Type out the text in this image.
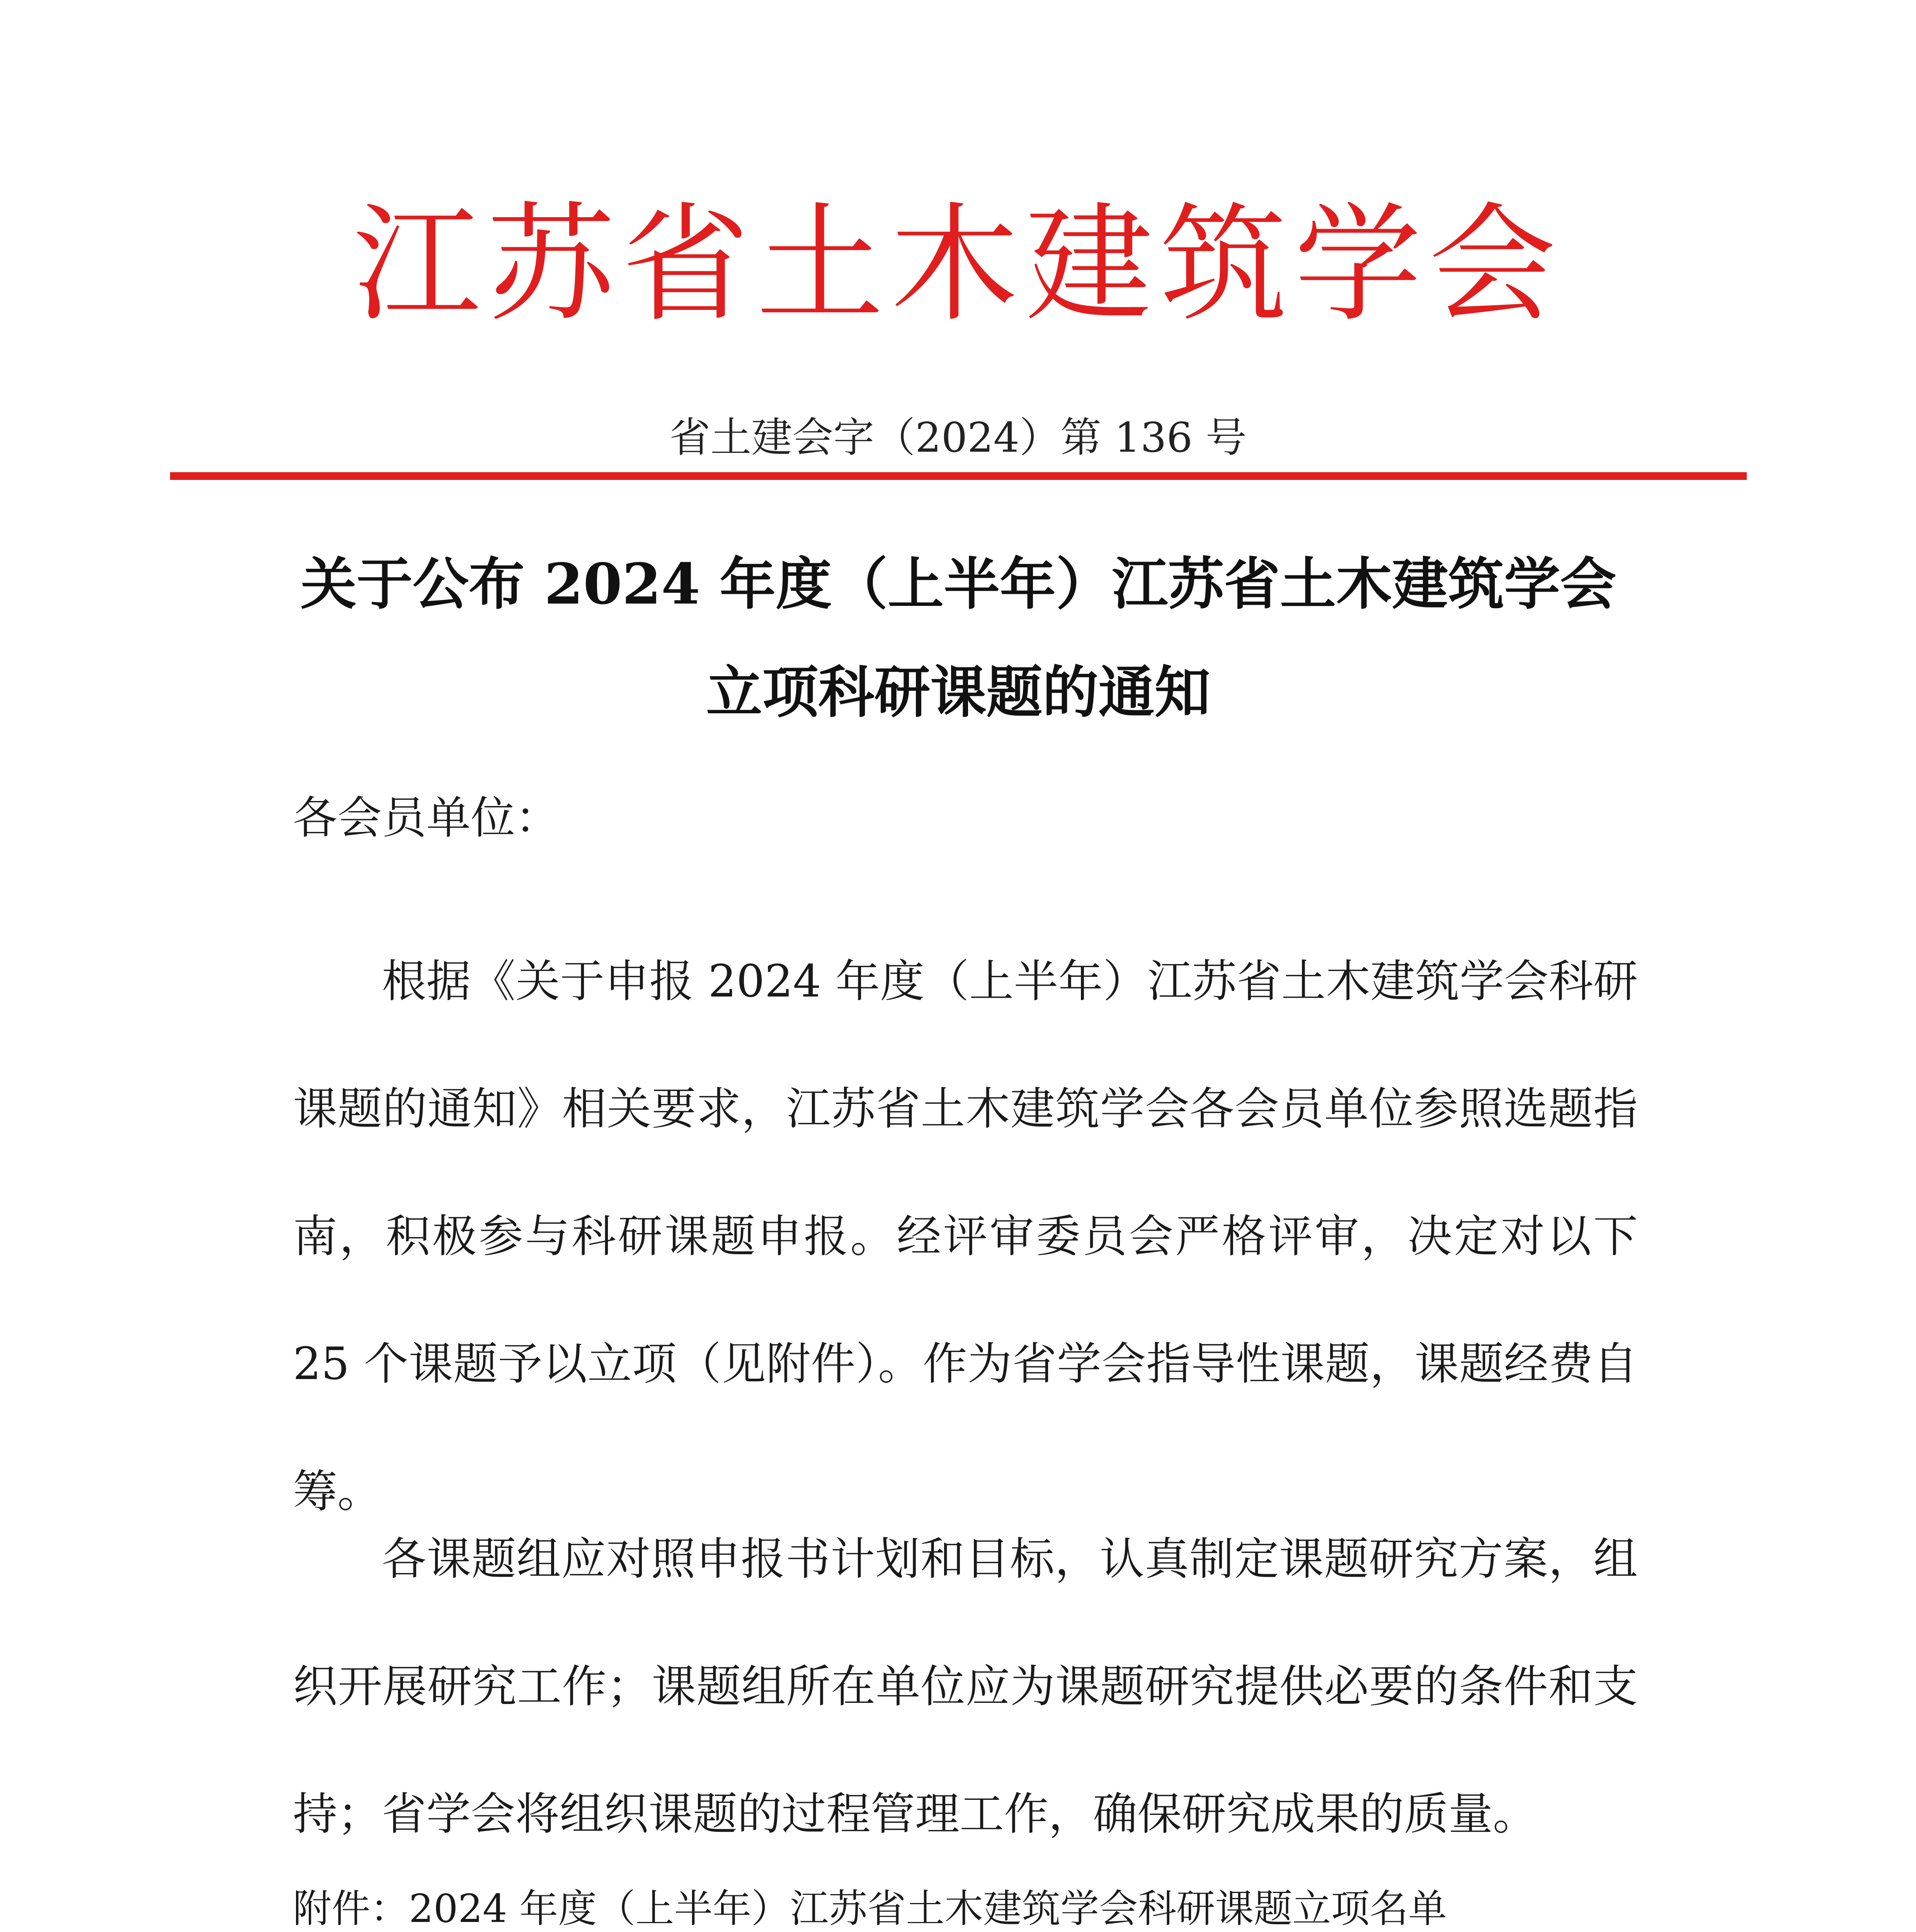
江苏省土木建筑学会
省土建会字（2024）第 136 号
关于公布 2024 年度（上半年）江苏省土木建筑学会
立项科研课题的通知
各会员单位：

根据《关于申报 2024 年度（上半年）江苏省土木建筑学会科研课题的通知》相关要求，江苏省土木建筑学会各会员单位参照选题指南，积极参与科研课题申报。经评审委员会严格评审，决定对以下 25 个课题予以立项（见附件）。作为省学会指导性课题，课题经费自筹。

各课题组应对照申报书计划和目标，认真制定课题研究方案，组织开展研究工作；课题组所在单位应为课题研究提供必要的条件和支持；省学会将组织课题的过程管理工作，确保研究成果的质量。

附件：2024 年度（上半年）江苏省土木建筑学会科研课题立项名单
